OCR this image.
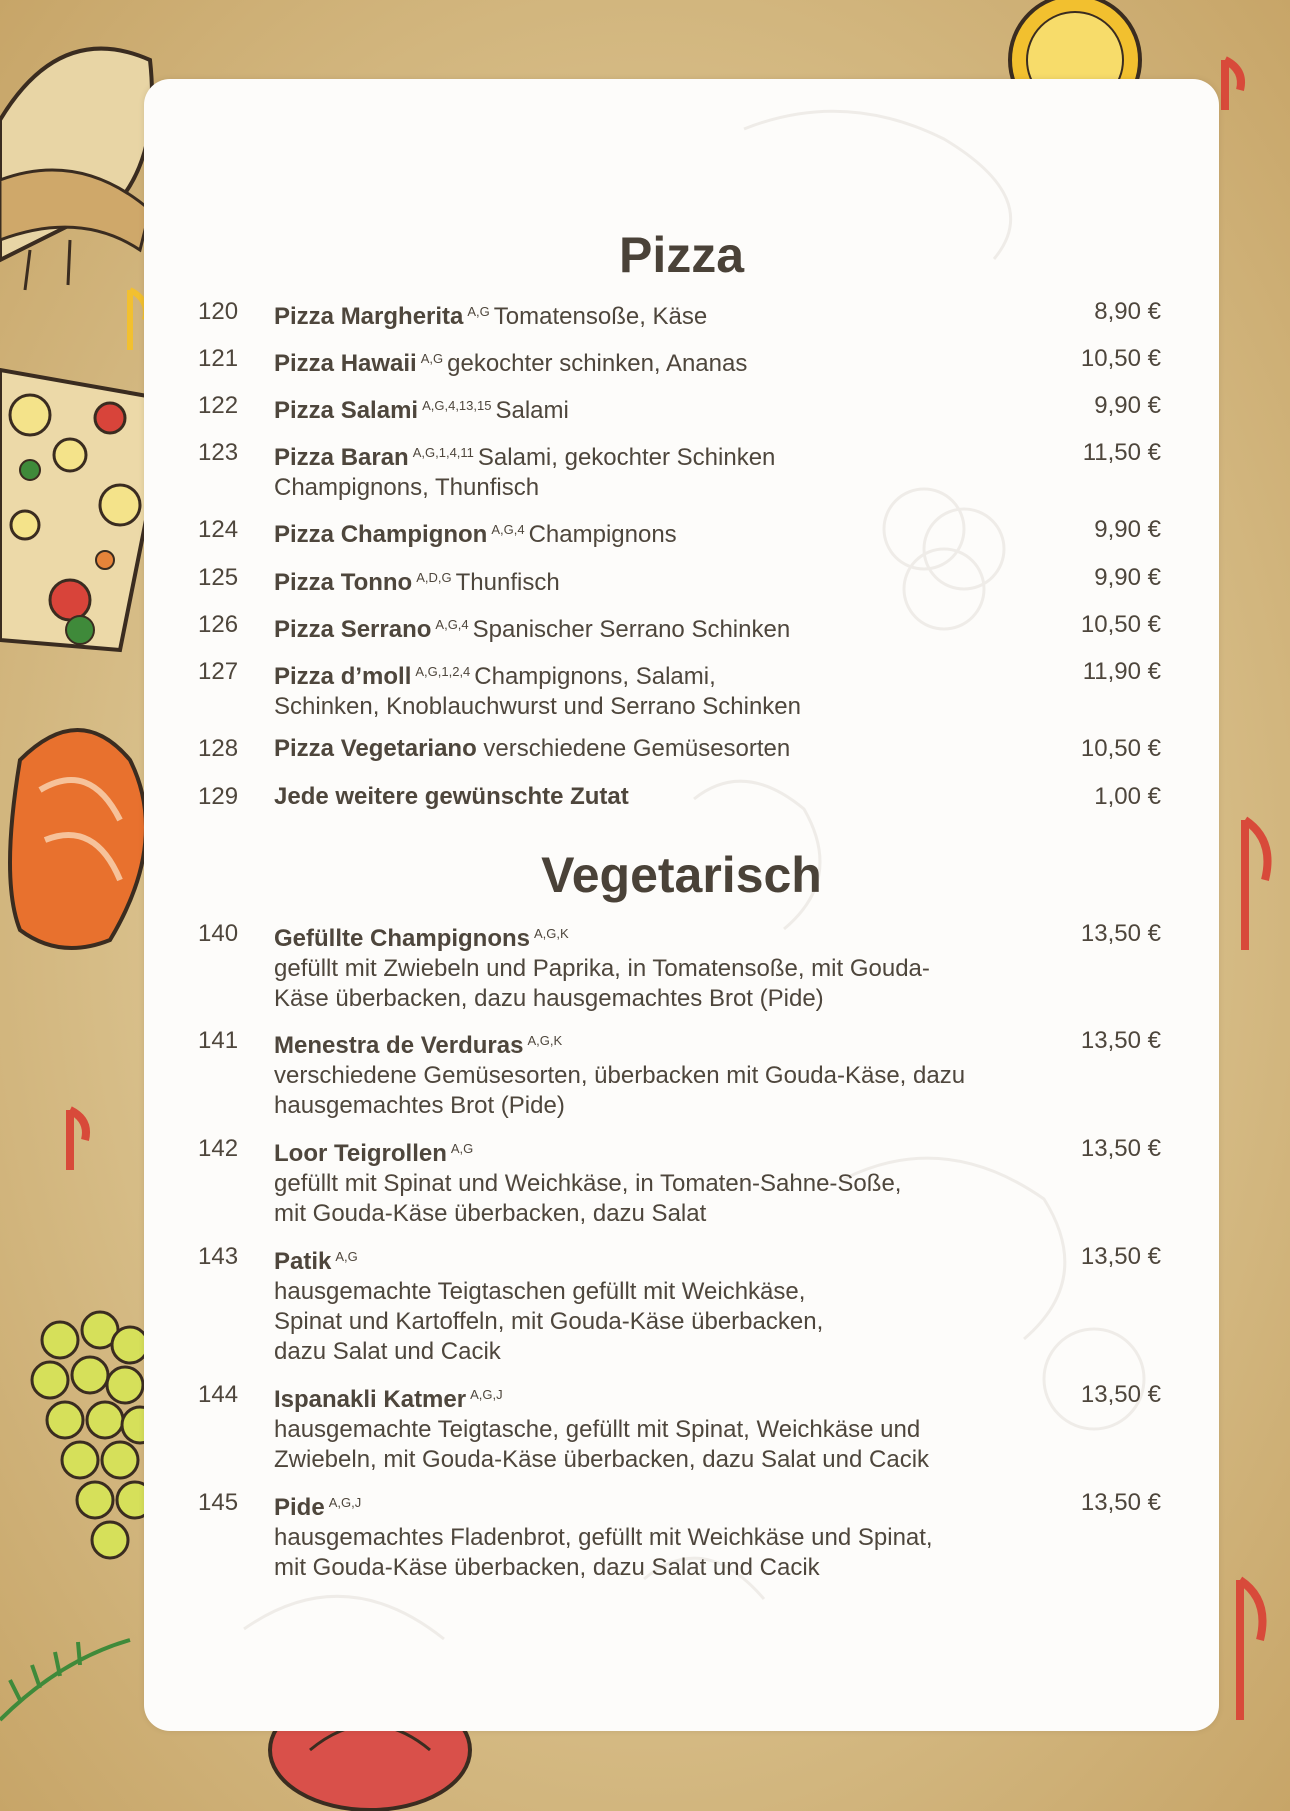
Pizza
120	Pizza Margherita $^{A,G}$ Tomatensoße, Käse	8,90 €
121	Pizza Hawaii $^{A,G}$ gekochter schinken, Ananas	10,50 €
122	Pizza Salami $^{A,G,4,13,15}$ Salami	9,90 €
123	Pizza Baran $^{A,G,1,4,11}$ Salami, gekochter Schinken
Champignons, Thunfisch
11,50 €
124	Pizza Champignon $^{A,G,4}$ Champignons	9,90 €
125	Pizza Tonno $^{A,D,G}$ Thunfisch	9,90 €
126	Pizza Serrano $^{A,G,4}$ Spanischer Serrano Schinken	10,50 €
127	Pizza d’moll $^{A,G,1,2,4}$ Champignons, Salami,
Schinken, Knoblauchwurst und Serrano Schinken
11,90 €
128	Pizza Vegetariano verschiedene Gemüsesorten	10,50 €
129	Jede weitere gewünschte Zutat	1,00 €
Vegetarisch
140	Gefüllte Champignons $^{A,G,K}$
gefüllt mit Zwiebeln und Paprika, in Tomatensoße, mit Gouda-
Käse überbacken, dazu hausgemachtes Brot (Pide)
13,50 €
141	Menestra de Verduras $^{A,G,K}$
verschiedene Gemüsesorten, überbacken mit Gouda-Käse, dazu
hausgemachtes Brot (Pide)
13,50 €
142	Loor Teigrollen $^{A,G}$
gefüllt mit Spinat und Weichkäse, in Tomaten-Sahne-Soße,
mit Gouda-Käse überbacken, dazu Salat
13,50 €
143	Patik $^{A,G}$
hausgemachte Teigtaschen gefüllt mit Weichkäse,
Spinat und Kartoffeln, mit Gouda-Käse überbacken,
dazu Salat und Cacik
13,50 €
144	Ispanakli Katmer $^{A,G,J}$
hausgemachte Teigtasche, gefüllt mit Spinat, Weichkäse und
Zwiebeln, mit Gouda-Käse überbacken, dazu Salat und Cacik
13,50 €
145	Pide $^{A,G,J}$
hausgemachtes Fladenbrot, gefüllt mit Weichkäse und Spinat,
mit Gouda-Käse überbacken, dazu Salat und Cacik
13,50 €
